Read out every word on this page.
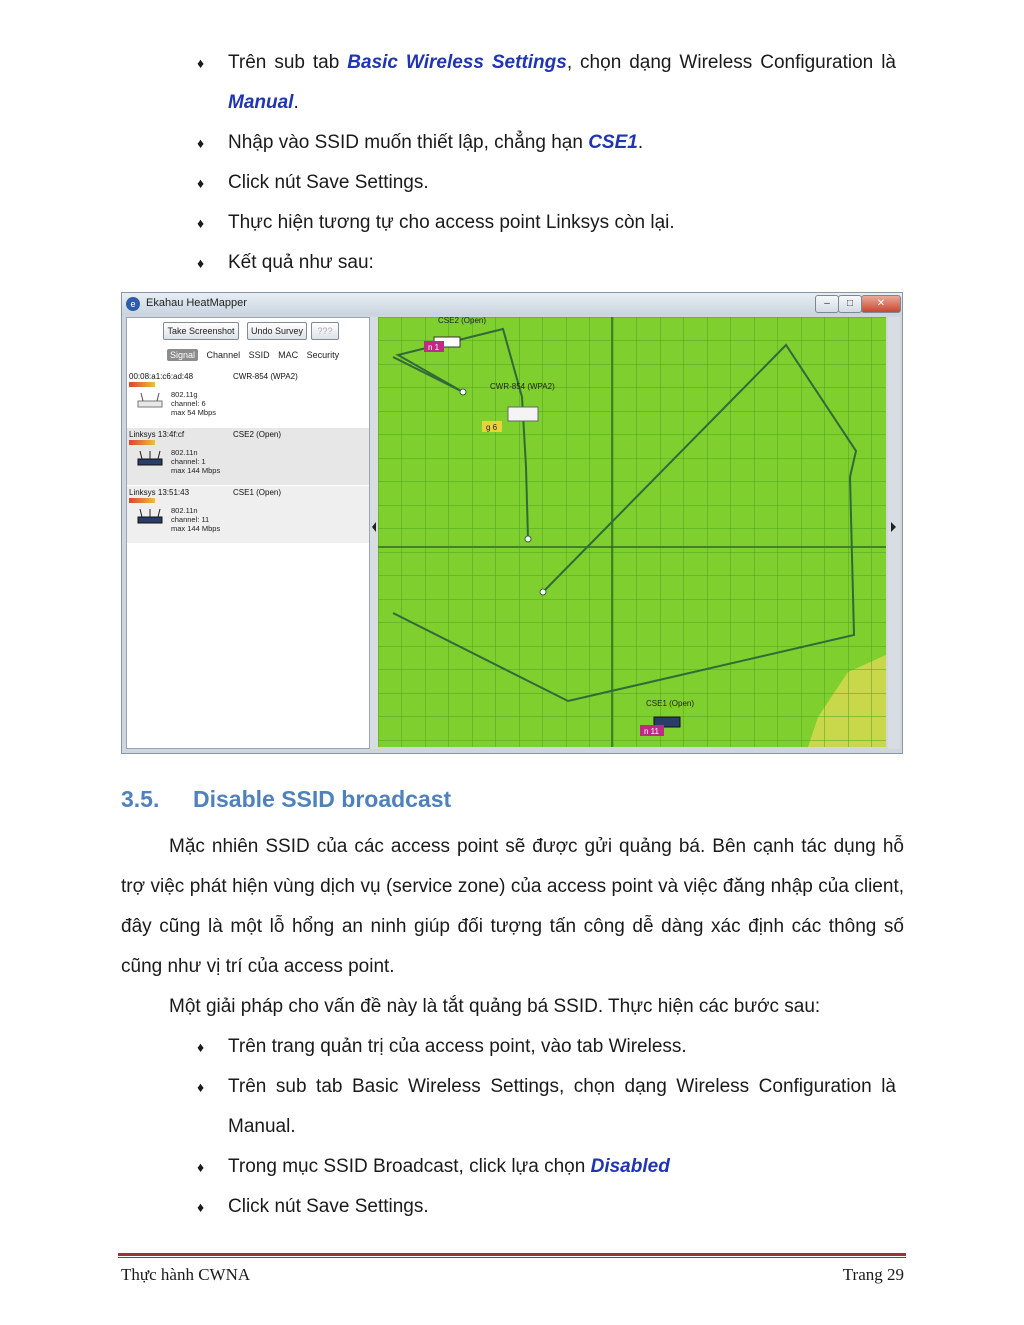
♦ Trên sub tab Basic Wireless Settings, chọn dạng Wireless Configuration là Manual.
♦ Nhập vào SSID muốn thiết lập, chẳng hạn CSE1.
♦ Click nút Save Settings.
♦ Thực hiện tương tự cho access point Linksys còn lại.
♦ Kết quả như sau:
e Ekahau HeatMapper	–	□	✕
Take Screenshot	Undo Survey	???
Signal Channel SSID MAC Security
00:08:a1:c6:ad:48	CWR-854 (WPA2)
802.11g
channel: 6
max 54 Mbps
Linksys 13:4f:cf	CSE2 (Open)
802.11n
channel: 1
max 144 Mbps
Linksys 13:51:43	CSE1 (Open)
802.11n
channel: 11
max 144 Mbps
CSE2 (Open)
n 1
CWR-854 (WPA2)
g 6
CSE1 (Open)
n 11
3.5. Disable SSID broadcast

Mặc nhiên SSID của các access point sẽ được gửi quảng bá. Bên cạnh tác dụng hỗ trợ việc phát hiện vùng dịch vụ (service zone) của access point và việc đăng nhập của client, đây cũng là một lỗ hổng an ninh giúp đối tượng tấn công dễ dàng xác định các thông số cũng như vị trí của access point.

Một giải pháp cho vấn đề này là tắt quảng bá SSID. Thực hiện các bước sau:

♦ Trên trang quản trị của access point, vào tab Wireless.
♦ Trên sub tab Basic Wireless Settings, chọn dạng Wireless Configuration là Manual.
♦ Trong mục SSID Broadcast, click lựa chọn Disabled
♦ Click nút Save Settings.
Thực hành CWNA	Trang 29
